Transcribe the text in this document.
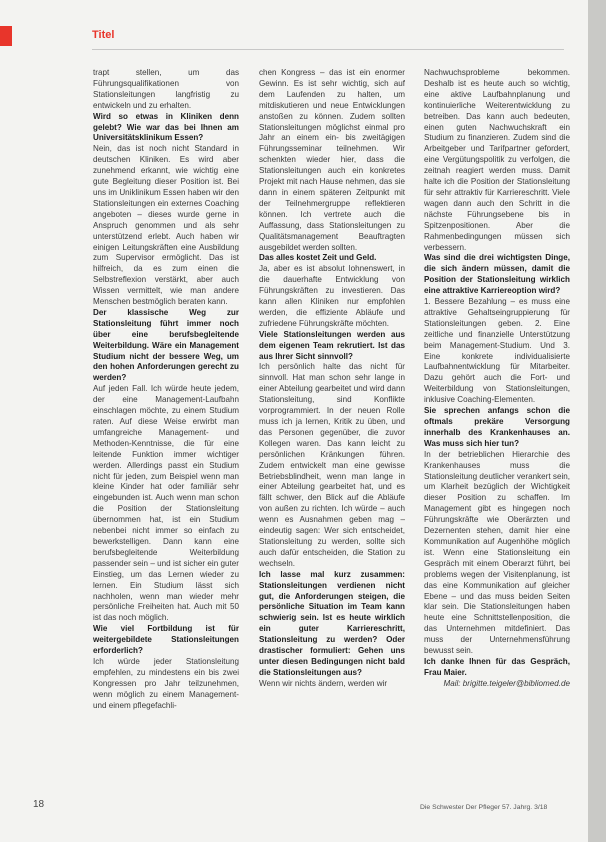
Titel

trapt stellen, um das Führungsqualifikationen von Stationsleitungen langfristig zu entwickeln und zu erhalten.

Wird so etwas in Kliniken denn gelebt? Wie war das bei Ihnen am Universitätsklinikum Essen?

Nein, das ist noch nicht Standard in deutschen Kliniken. Es wird aber zunehmend erkannt, wie wichtig eine gute Begleitung dieser Position ist. Bei uns im Uniklinikum Essen haben wir den Stationsleitungen ein externes Coaching angeboten – dieses wurde gerne in Anspruch genommen und als sehr unterstützend erlebt. Auch haben wir einigen Leitungskräften eine Ausbildung zum Supervisor ermöglicht. Das ist hilfreich, da es zum einen die Selbstreflexion verstärkt, aber auch Wissen vermittelt, wie man andere Menschen bestmöglich beraten kann.

Der klassische Weg zur Stationsleitung führt immer noch über eine berufsbegleitende Weiterbildung. Wäre ein Management Studium nicht der bessere Weg, um den hohen Anforderungen gerecht zu werden?

Auf jeden Fall. Ich würde heute jedem, der eine Management-Laufbahn einschlagen möchte, zu einem Studium raten. Auf diese Weise erwirbt man umfangreiche Management- und Methoden-Kenntnisse, die für eine leitende Funktion immer wichtiger werden. Allerdings passt ein Studium nicht für jeden, zum Beispiel wenn man kleine Kinder hat oder familiär sehr eingebunden ist. Auch wenn man schon die Position der Stationsleitung übernommen hat, ist ein Studium nebenbei nicht immer so einfach zu bewerkstelligen. Dann kann eine berufsbegleitende Weiterbildung passender sein – und ist sicher ein guter Einstieg, um das Lernen wieder zu lernen. Ein Studium lässt sich nachholen, wenn man wieder mehr persönliche Freiheiten hat. Auch mit 50 ist das noch möglich.

Wie viel Fortbildung ist für weitergebildete Stationsleitungen erforderlich?

Ich würde jeder Stationsleitung empfehlen, zu mindestens ein bis zwei Kongressen pro Jahr teilzunehmen, wenn möglich zu einem Management- und einem pflegefachli-

chen Kongress – das ist ein enormer Gewinn. Es ist sehr wichtig, sich auf dem Laufenden zu halten, um mitdiskutieren und neue Entwicklungen anstoßen zu können. Zudem sollten Stationsleitungen möglichst einmal pro Jahr an einem ein- bis zweitägigen Führungsseminar teilnehmen. Wir schenkten wieder hier, dass die Stationsleitungen auch ein konkretes Projekt mit nach Hause nehmen, das sie dann in einem späteren Zeitpunkt mit der Teilnehmergruppe reflektieren können. Ich vertrete auch die Auffassung, dass Stationsleitungen zu Qualitätsmanagement Beauftragten ausgebildet werden sollten.

Das alles kostet Zeit und Geld.

Ja, aber es ist absolut lohnenswert, in die dauerhafte Entwicklung von Führungskräften zu investieren. Das kann allen Kliniken nur empfohlen werden, die effiziente Abläufe und zufriedene Führungskräfte möchten.

Viele Stationsleitungen werden aus dem eigenen Team rekrutiert. Ist das aus Ihrer Sicht sinnvoll?

Ich persönlich halte das nicht für sinnvoll. Hat man schon sehr lange in einer Abteilung gearbeitet und wird dann Stationsleitung, sind Konflikte vorprogrammiert. In der neuen Rolle muss ich ja lernen, Kritik zu üben, und das Personen gegenüber, die zuvor Kollegen waren. Das kann leicht zu persönlichen Kränkungen führen. Zudem entwickelt man eine gewisse Betriebsblindheit, wenn man lange in einer Abteilung gearbeitet hat, und es fällt schwer, den Blick auf die Abläufe von außen zu richten. Ich würde – auch wenn es Ausnahmen geben mag – eindeutig sagen: Wer sich entscheidet, Stationsleitung zu werden, sollte sich auch dafür entscheiden, die Station zu wechseln.

Ich lasse mal kurz zusammen: Stationsleitungen verdienen nicht gut, die Anforderungen steigen, die persönliche Situation im Team kann schwierig sein. Ist es heute wirklich ein guter Karriereschritt, Stationsleitung zu werden? Oder drastischer formuliert: Gehen uns unter diesen Bedingungen nicht bald die Stationsleitungen aus?

Wenn wir nichts ändern, werden wir

Nachwuchsprobleme bekommen. Deshalb ist es heute auch so wichtig, eine aktive Laufbahnplanung und kontinuierliche Weiterentwicklung zu betreiben. Das kann auch bedeuten, einen guten Nachwuchskraft ein Studium zu finanzieren. Zudem sind die Arbeitgeber und Tarifpartner gefordert, eine Vergütungspolitik zu verfolgen, die zeitnah reagiert werden muss. Damit halte ich die Position der Stationsleitung für sehr attraktiv für Karriereschritt. Viele wagen dann auch den Schritt in die nächste Führungsebene bis in Spitzenpositionen. Aber die Rahmenbedingungen müssen sich verbessern.

Was sind die drei wichtigsten Dinge, die sich ändern müssen, damit die Position der Stationsleitung wirklich eine attraktive Karriereoption wird?

1. Bessere Bezahlung – es muss eine attraktive Gehaltseingruppierung für Stationsleitungen geben. 2. Eine zeitliche und finanzielle Unterstützung beim Management-Studium. Und 3. Eine konkrete individualisierte Laufbahnentwicklung für Mitarbeiter. Dazu gehört auch die Fort- und Weiterbildung von Stationsleitungen, inklusive Coaching-Elementen.

Sie sprechen anfangs schon die oftmals prekäre Versorgung innerhalb des Krankenhauses an. Was muss sich hier tun?

In der betrieblichen Hierarchie des Krankenhauses muss die Stationsleitung deutlicher verankert sein, um Klarheit bezüglich der Wichtigkeit dieser Position zu schaffen. Im Management gibt es hingegen noch Führungskräfte wie Oberärzten und Dezernenten stehen, damit hier eine Kommunikation auf Augenhöhe möglich ist. Wenn eine Stationsleitung ein Gespräch mit einem Oberarzt führt, bei problems wegen der Visitenplanung, ist das eine Kommunikation auf gleicher Ebene – und das muss beiden Seiten klar sein. Die Stationsleitungen haben heute eine Schnittstellenposition, die das Unternehmen mitdefiniert. Das muss der Unternehmensführung bewusst sein.

Ich danke Ihnen für das Gespräch, Frau Maier.

Mail: brigitte.teigeler@bibliomed.de

18	Die Schwester Der Pfleger 57. Jahrg. 3/18
